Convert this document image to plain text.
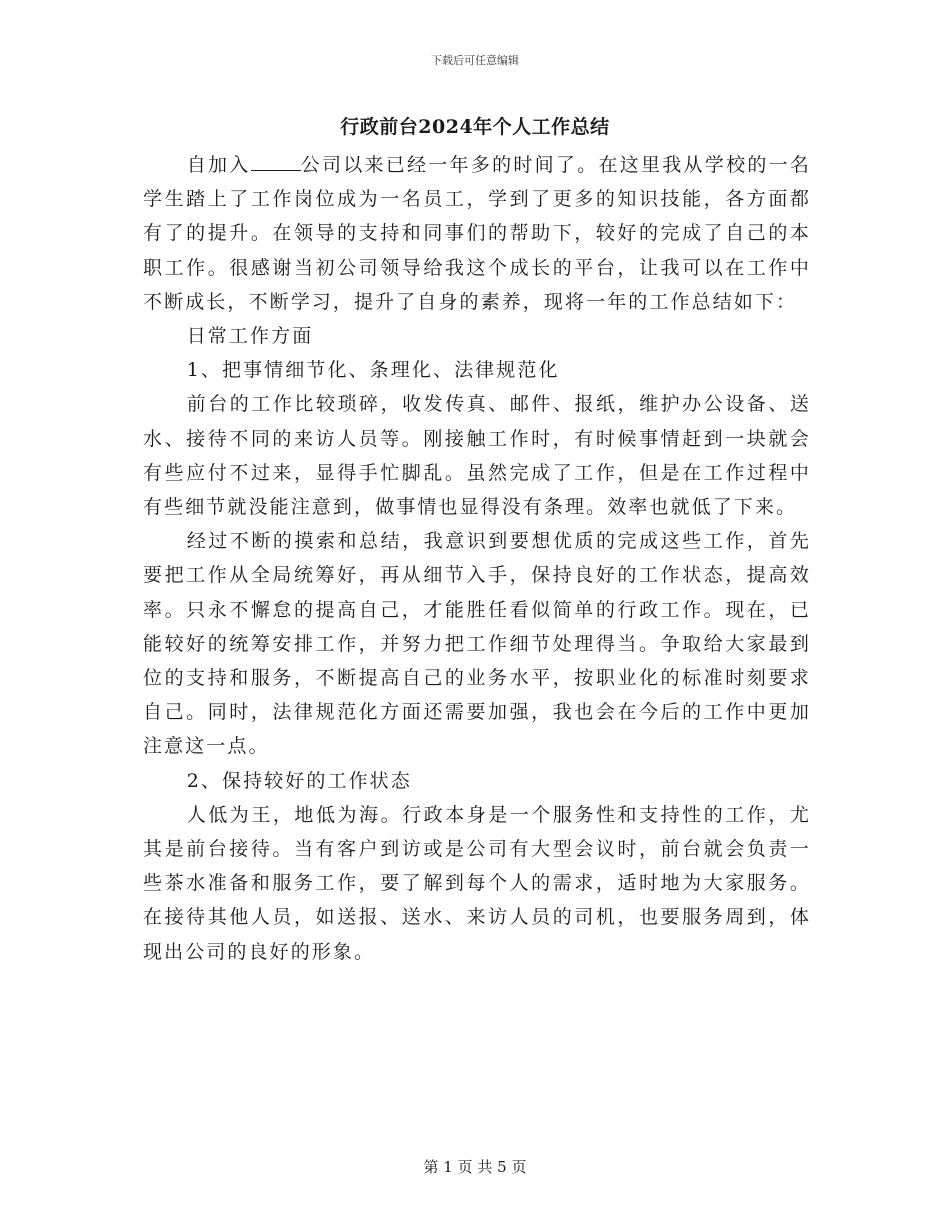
下载后可任意编辑
行政前台2024年个人工作总结

自加入	公司以来已经一年多的时间了。在这里我从学校的一名学生踏上了工作岗位成为一名员工，学到了更多的知识技能，各方面都有了的提升。在领导的支持和同事们的帮助下，较好的完成了自己的本职工作。很感谢当初公司领导给我这个成长的平台，让我可以在工作中不断成长，不断学习，提升了自身的素养，现将一年的工作总结如下：

日常工作方面

1、把事情细节化、条理化、法律规范化

前台的工作比较琐碎，收发传真、邮件、报纸，维护办公设备、送水、接待不同的来访人员等。刚接触工作时，有时候事情赶到一块就会有些应付不过来，显得手忙脚乱。虽然完成了工作，但是在工作过程中有些细节就没能注意到，做事情也显得没有条理。效率也就低了下来。

经过不断的摸索和总结，我意识到要想优质的完成这些工作，首先要把工作从全局统筹好，再从细节入手，保持良好的工作状态，提高效率。只永不懈怠的提高自己，才能胜任看似简单的行政工作。现在，已能较好的统筹安排工作，并努力把工作细节处理得当。争取给大家最到位的支持和服务，不断提高自己的业务水平，按职业化的标准时刻要求自己。同时，法律规范化方面还需要加强，我也会在今后的工作中更加注意这一点。

2、保持较好的工作状态

人低为王，地低为海。行政本身是一个服务性和支持性的工作，尤其是前台接待。当有客户到访或是公司有大型会议时，前台就会负责一些茶水准备和服务工作，要了解到每个人的需求，适时地为大家服务。在接待其他人员，如送报、送水、来访人员的司机，也要服务周到，体现出公司的良好的形象。

第 1 页 共 5 页
